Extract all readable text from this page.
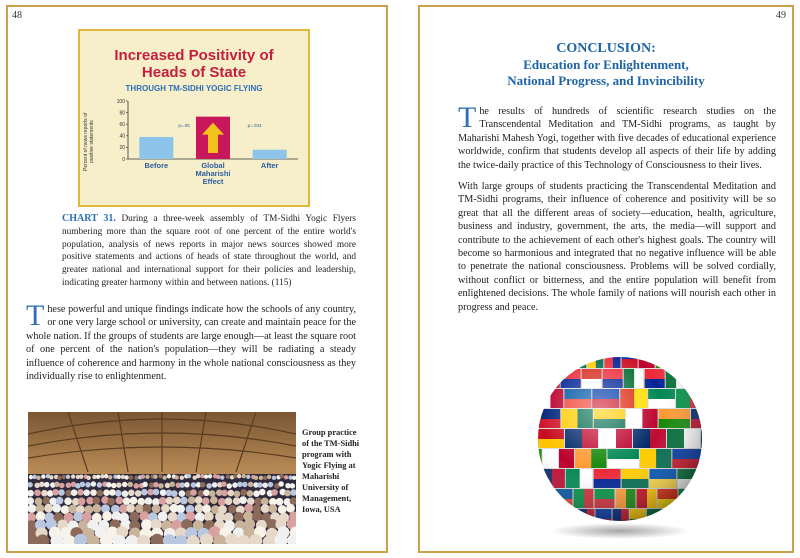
48
Increased Positivity of
Heads of State
THROUGH TM-SIDHI YOGIC FLYING
Percent of news reports of positive statements	0
20
40
60
80
100
Before	Global
Maharishi
Effect
After
p=.05	p=.034
CHART 31. During a three-week assembly of TM-Sidhi Yogic Flyers numbering more than the square root of one percent of the entire world's population, analysis of news reports in major news sources showed more positive statements and actions of heads of state throughout the world, and greater national and international support for their policies and leadership, indicating greater harmony within and between nations. (115)
T hese powerful and unique findings indicate how the schools of any country, or one very large school or university, can create and maintain peace for the whole nation. If the groups of students are large enough—at least the square root of one percent of the nation's population—they will be radiating a steady influence of coherence and harmony in the whole national consciousness as they individually rise to enlightenment.
Group practice of the TM-Sidhi program with Yogic Flying at Maharishi University of Management, Iowa, USA
49
CONCLUSION:
Education for Enlightenment,
National Progress, and Invincibility

T he results of hundreds of scientific research studies on the Transcendental Meditation and TM-Sidhi programs, as taught by Maharishi Mahesh Yogi, together with five decades of educational experience worldwide, confirm that students develop all aspects of their life by adding the twice-daily practice of this Technology of Consciousness to their lives.

With large groups of students practicing the Transcendental Meditation and TM-Sidhi programs, their influence of coherence and positivity will be so great that all the different areas of society—education, health, agriculture, business and industry, government, the arts, the media—will support and contribute to the achievement of each other's highest goals. The country will become so harmonious and integrated that no negative influence will be able to penetrate the national consciousness. Problems will be solved cordially, without conflict or bitterness, and the entire population will benefit from enlightened decisions. The whole family of nations will nourish each other in progress and peace.
